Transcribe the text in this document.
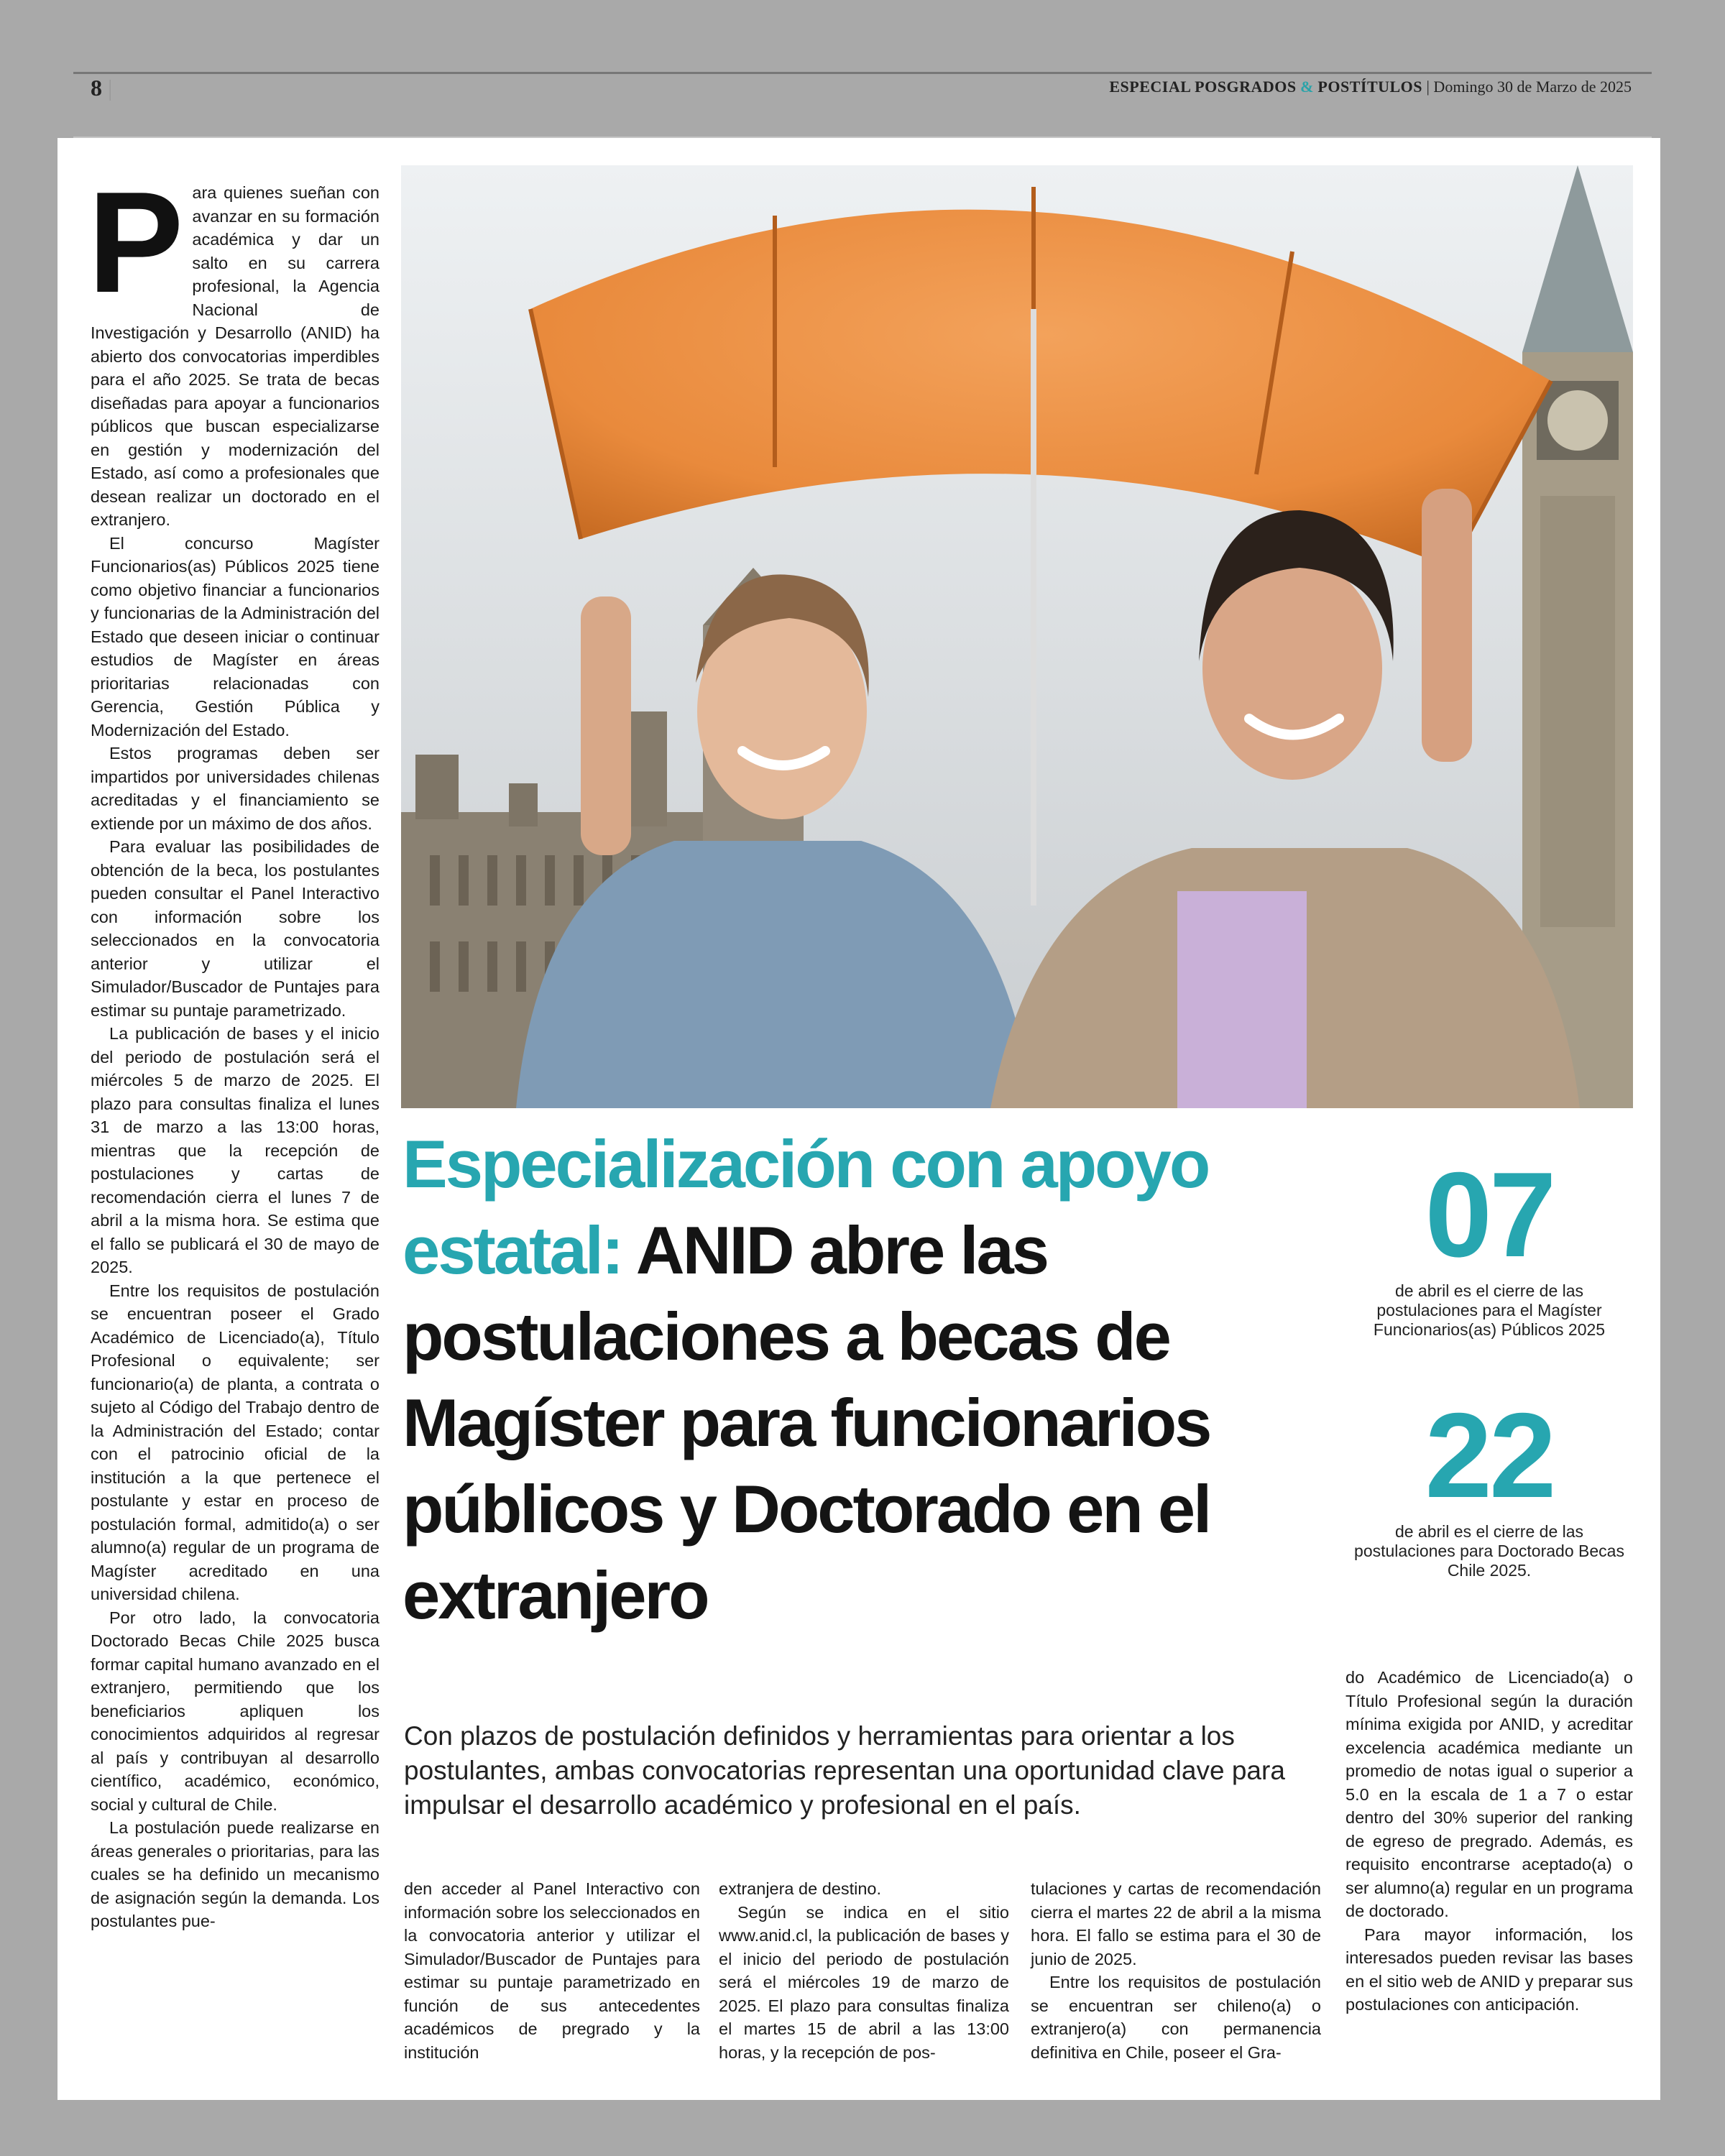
8 |	ESPECIAL POSGRADOS & POSTÍTULOS | Domingo 30 de Marzo de 2025

Para quienes sueñan con avanzar en su formación académica y dar un salto en su carrera profesional, la Agencia Nacional de Investigación y Desarrollo (ANID) ha abierto dos convocatorias imperdibles para el año 2025. Se trata de becas diseñadas para apoyar a funcionarios públicos que buscan especializarse en gestión y modernización del Estado, así como a profesionales que desean realizar un doctorado en el extranjero.

El concurso Magíster Funcionarios(as) Públicos 2025 tiene como objetivo financiar a funcionarios y funcionarias de la Administración del Estado que deseen iniciar o continuar estudios de Magíster en áreas prioritarias relacionadas con Gerencia, Gestión Pública y Modernización del Estado.

Estos programas deben ser impartidos por universidades chilenas acreditadas y el financiamiento se extiende por un máximo de dos años.

Para evaluar las posibilidades de obtención de la beca, los postulantes pueden consultar el Panel Interactivo con información sobre los seleccionados en la convocatoria anterior y utilizar el Simulador/Buscador de Puntajes para estimar su puntaje parametrizado.

La publicación de bases y el inicio del periodo de postulación será el miércoles 5 de marzo de 2025. El plazo para consultas finaliza el lunes 31 de marzo a las 13:00 horas, mientras que la recepción de postulaciones y cartas de recomendación cierra el lunes 7 de abril a la misma hora. Se estima que el fallo se publicará el 30 de mayo de 2025.

Entre los requisitos de postulación se encuentran poseer el Grado Académico de Licenciado(a), Título Profesional o equivalente; ser funcionario(a) de planta, a contrata o sujeto al Código del Trabajo dentro de la Administración del Estado; contar con el patrocinio oficial de la institución a la que pertenece el postulante y estar en proceso de postulación formal, admitido(a) o ser alumno(a) regular de un programa de Magíster acreditado en una universidad chilena.

Por otro lado, la convocatoria Doctorado Becas Chile 2025 busca formar capital humano avanzado en el extranjero, permitiendo que los beneficiarios apliquen los conocimientos adquiridos al regresar al país y contribuyan al desarrollo científico, académico, económico, social y cultural de Chile.

La postulación puede realizarse en áreas generales o prioritarias, para las cuales se ha definido un mecanismo de asignación según la demanda. Los postulantes pue-

Especialización con apoyo estatal: ANID abre las postulaciones a becas de Magíster para funcionarios públicos y Doctorado en el extranjero
Con plazos de postulación definidos y herramientas para orientar a los postulantes, ambas convocatorias representan una oportunidad clave para impulsar el desarrollo académico y profesional en el país.
07
de abril es el cierre de las postulaciones para el Magíster Funcionarios(as) Públicos 2025
22
de abril es el cierre de las postulaciones para Doctorado Becas Chile 2025.

den acceder al Panel Interactivo con información sobre los seleccionados en la convocatoria anterior y utilizar el Simulador/Buscador de Puntajes para estimar su puntaje parametrizado en función de sus antecedentes académicos de pregrado y la institución

extranjera de destino.

Según se indica en el sitio www.anid.cl, la publicación de bases y el inicio del periodo de postulación será el miércoles 19 de marzo de 2025. El plazo para consultas finaliza el martes 15 de abril a las 13:00 horas, y la recepción de pos-

tulaciones y cartas de recomendación cierra el martes 22 de abril a la misma hora. El fallo se estima para el 30 de junio de 2025.

Entre los requisitos de postulación se encuentran ser chileno(a) o extranjero(a) con permanencia definitiva en Chile, poseer el Gra-

do Académico de Licenciado(a) o Título Profesional según la duración mínima exigida por ANID, y acreditar excelencia académica mediante un promedio de notas igual o superior a 5.0 en la escala de 1 a 7 o estar dentro del 30% superior del ranking de egreso de pregrado. Además, es requisito encontrarse aceptado(a) o ser alumno(a) regular en un programa de doctorado.

Para mayor información, los interesados pueden revisar las bases en el sitio web de ANID y preparar sus postulaciones con anticipación.
